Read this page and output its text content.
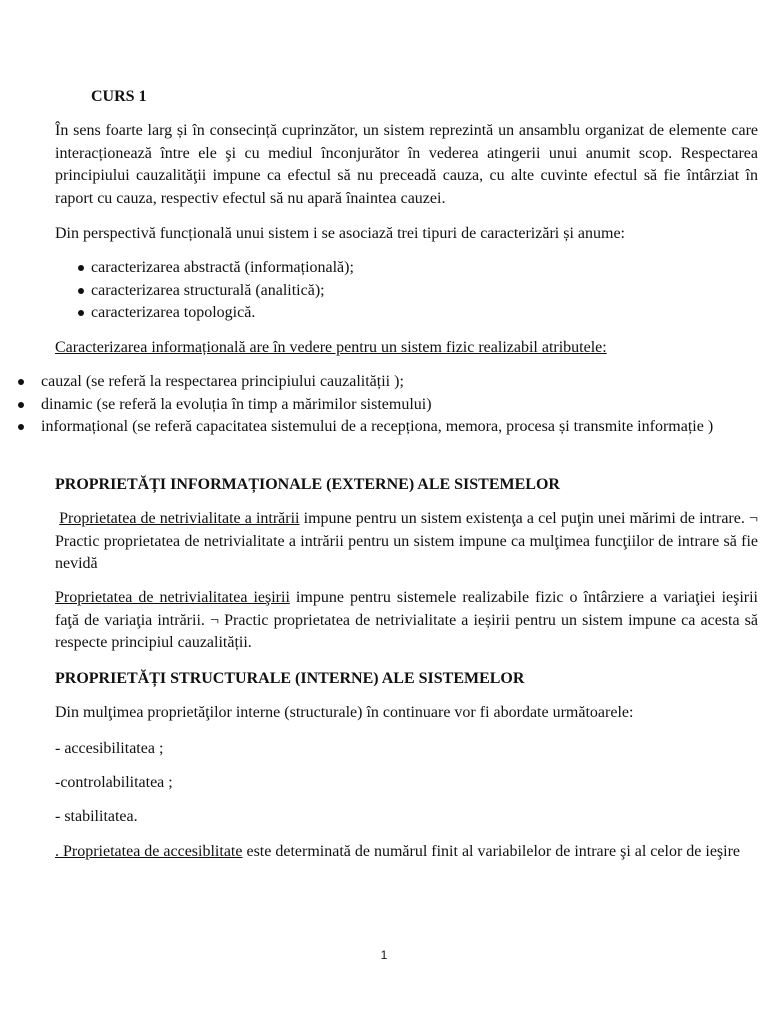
CURS 1

În sens foarte larg și în consecință cuprinzător, un sistem reprezintă un ansamblu organizat de elemente care interacționează între ele şi cu mediul înconjurător în vederea atingerii unui anumit scop. Respectarea principiului cauzalităţii impune ca efectul să nu preceadă cauza, cu alte cuvinte efectul să fie întârziat în raport cu cauza, respectiv efectul să nu apară înaintea cauzei.

Din perspectivă funcțională unui sistem i se asociază trei tipuri de caracterizări și anume:

caracterizarea abstractă (informațională);
caracterizarea structurală (analitică);
caracterizarea topologică.

Caracterizarea informațională are în vedere pentru un sistem fizic realizabil atributele:

cauzal (se referă la respectarea principiului cauzalității );
dinamic (se referă la evoluția în timp a mărimilor sistemului)
informațional (se referă capacitatea sistemului de a recepționa, memora, procesa și transmite informație )
PROPRIETĂȚI INFORMAȚIONALE (EXTERNE) ALE SISTEMELOR

Proprietatea de netrivialitate a intrării impune pentru un sistem existenţa a cel puţin unei mărimi de intrare. ¬ Practic proprietatea de netrivialitate a intrării pentru un sistem impune ca mulţimea funcţiilor de intrare să fie nevidă

Proprietatea de netrivialitatea ieşirii impune pentru sistemele realizabile fizic o întârziere a variaţiei ieşirii faţă de variaţia intrării. ¬ Practic proprietatea de netrivialitate a ieșirii pentru un sistem impune ca acesta să respecte principiul cauzalității.

PROPRIETĂȚI STRUCTURALE (INTERNE) ALE SISTEMELOR

Din mulţimea proprietăţilor interne (structurale) în continuare vor fi abordate următoarele:

- accesibilitatea ;

-controlabilitatea ;

- stabilitatea.

. Proprietatea de accesiblitate este determinată de numărul finit al variabilelor de intrare şi al celor de ieşire

1
